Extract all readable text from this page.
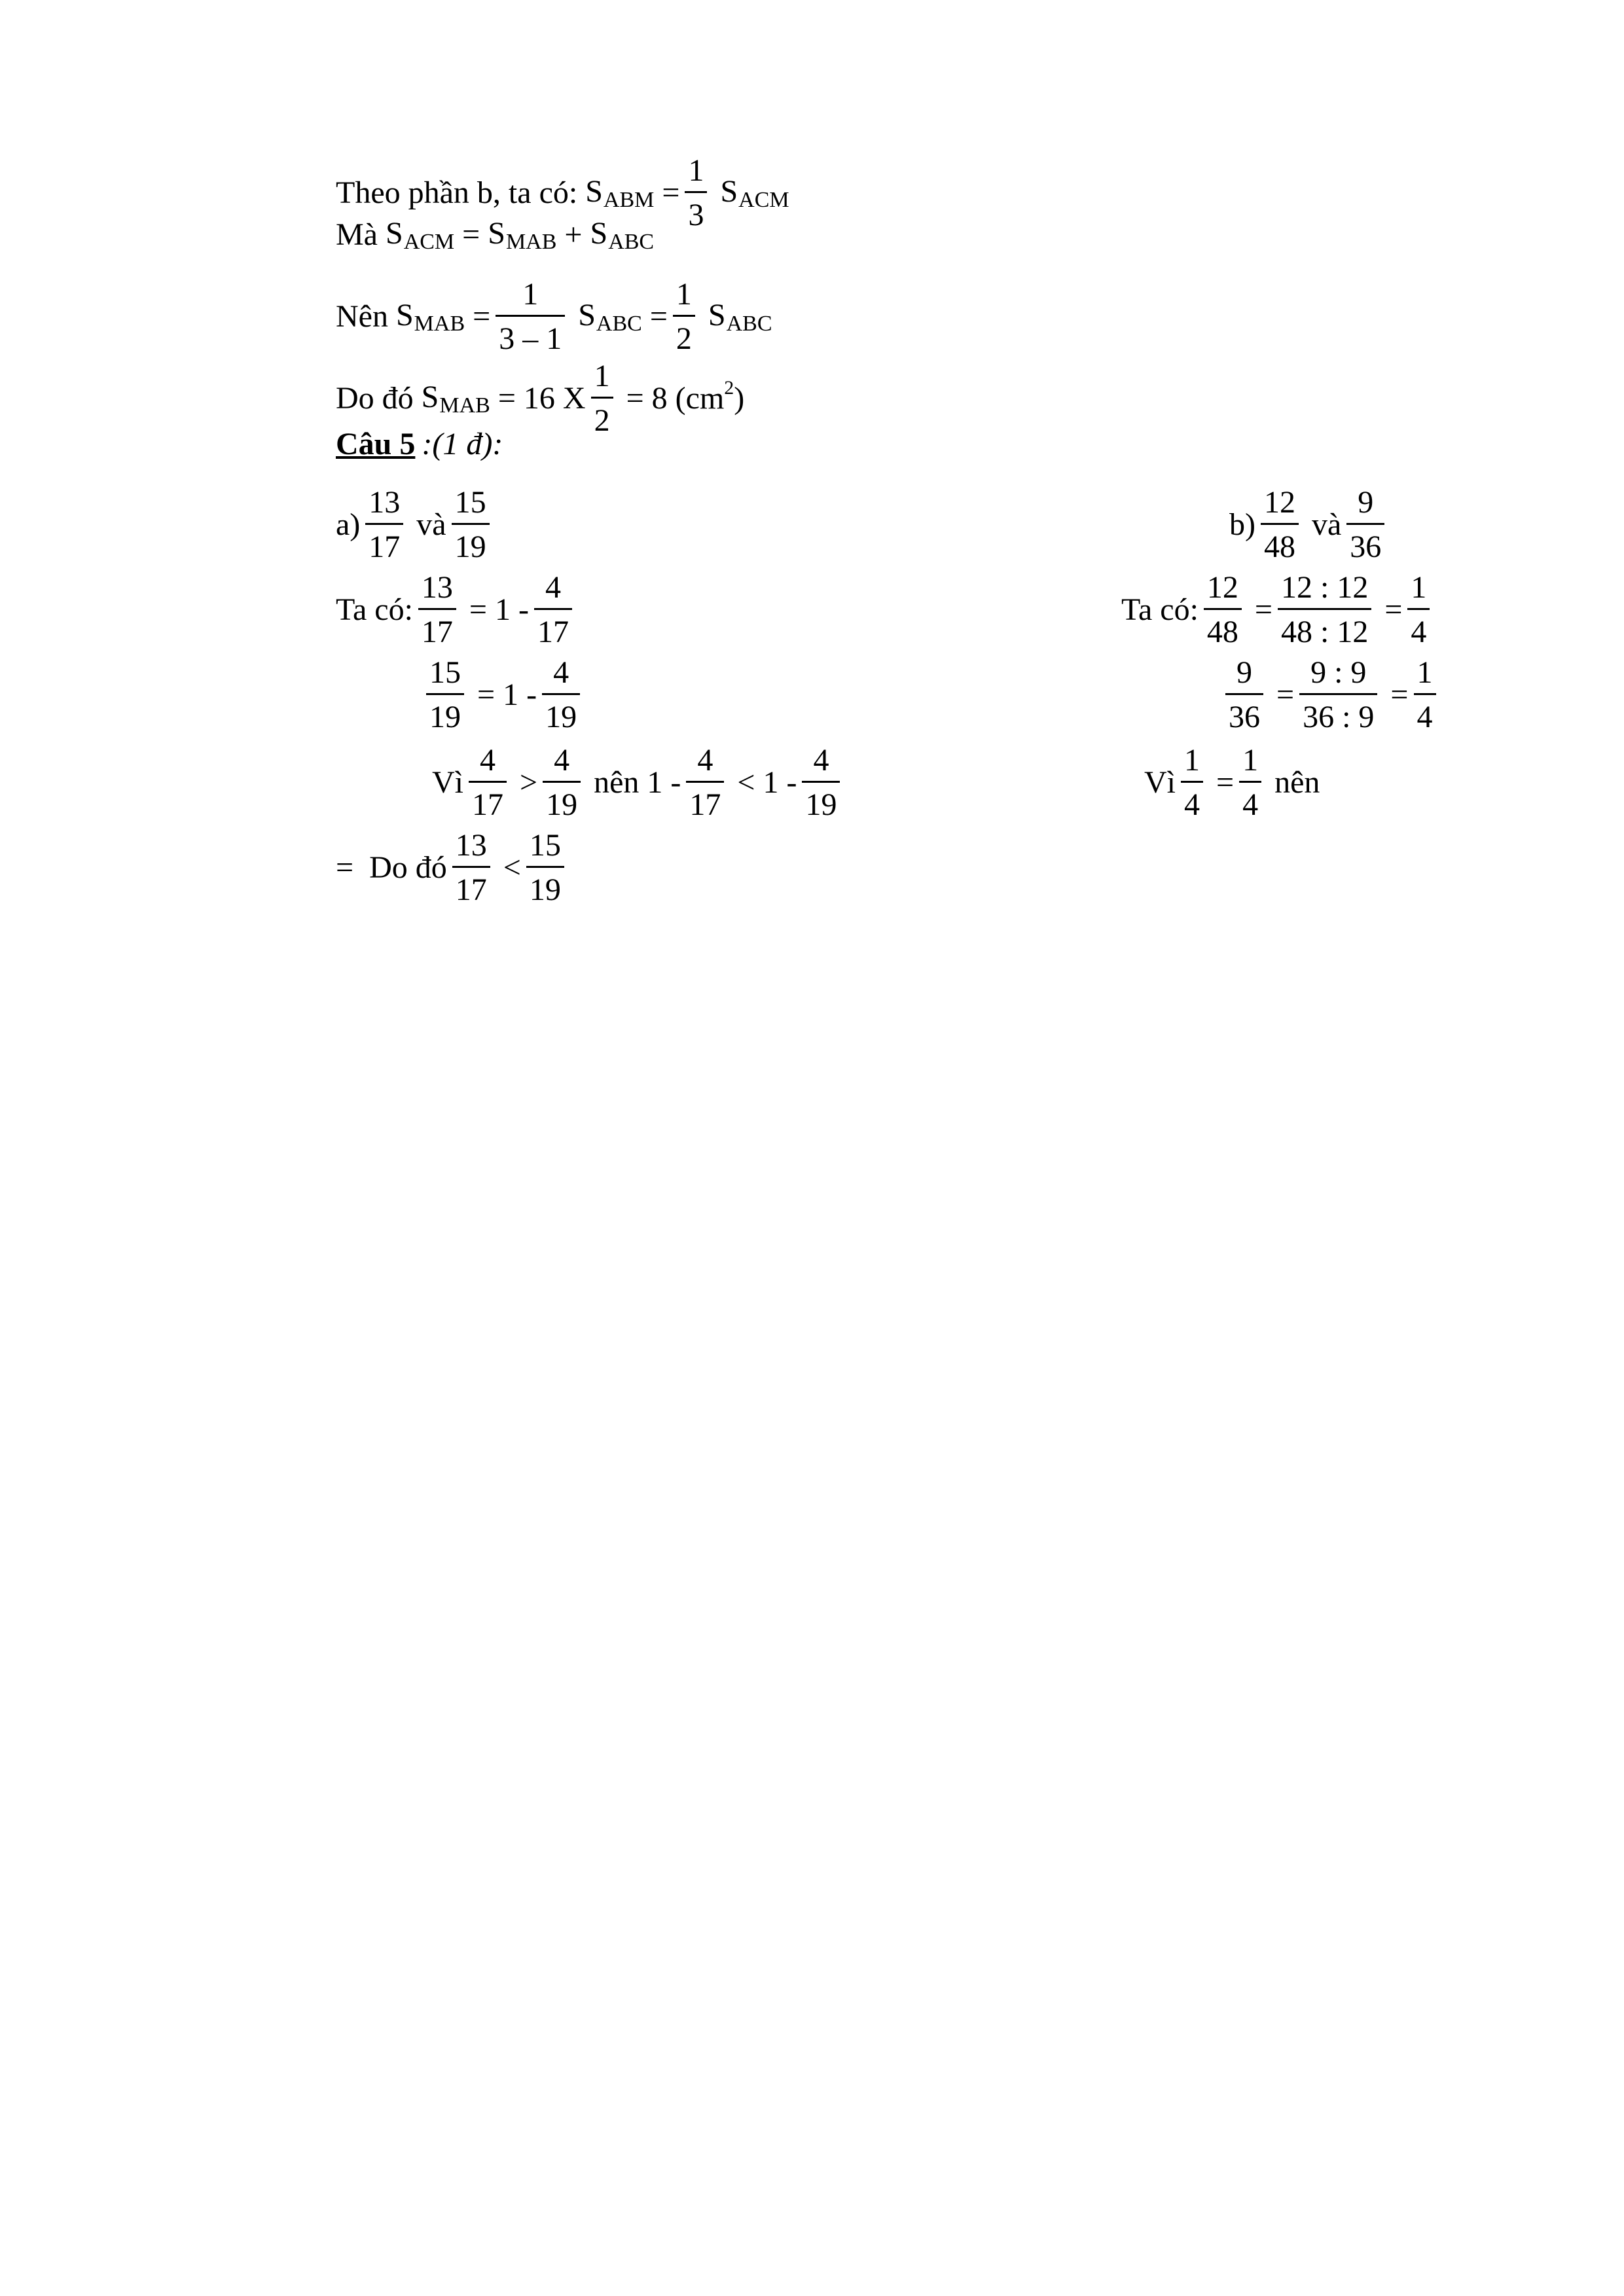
Theo phần b, ta có: $S_{ABM} = \frac{1}{3} S_{ACM}$
Mà $S_{ACM} = S_{MAB} + S_{ABC}$
Nên $S_{MAB} = \frac{1}{3 - 1} S_{ABC} = \frac{1}{2} S_{ABC}$
Do đó $S_{MAB} = 16$ X $\frac{1}{2} = 8$ $(cm^2)$
Câu 5 :(1 đ):
$a) \frac{13}{17}$ và $\frac{15}{19}$	$b) \frac{12}{48}$ và $\frac{9}{36}$
Ta có: $\frac{13}{17} = 1 - \frac{4}{17}$	Ta có: $\frac{12}{48} = \frac{12 : 12}{48 : 12} = \frac{1}{4}$
$\frac{15}{19} = 1 - \frac{4}{19}$	$\frac{9}{36} = \frac{9 : 9}{36 : 9} = \frac{1}{4}$
Vì $\frac{4}{17} > \frac{4}{19}$ nên $1 - \frac{4}{17} < 1 - \frac{4}{19}$	Vì $\frac{1}{4} = \frac{1}{4}$ nên
=  Do đó $\frac{13}{17} < \frac{15}{19}$
